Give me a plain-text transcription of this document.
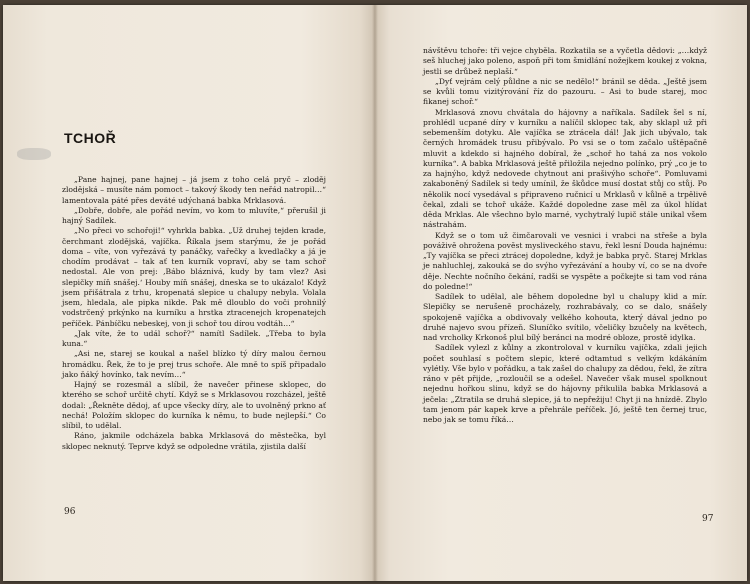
TCHOŘ

„Pane hajnej, pane hajnej – já jsem z toho celá pryč – zloděj zlodějská – musíte nám pomoct – takový škody ten neřád natropil…“ lamentovala páté přes deváté udýchaná babka Mrklasová.

„Dobře, dobře, ale pořád nevím, vo kom to mluvíte,“ přerušil ji hajný Sadílek.

„No přeci vo schořoji!“ vyhrkla babka. „Už druhej tejden krade, čerchmant zlodějská, vajíčka. Říkala jsem starýmu, že je pořád doma – víte, von vyřezává ty panáčky, vařečky a kvedlačky a já je chodím prodávat – tak ať ten kurník vopraví, aby se tam schoř nedostal. Ale von prej: ,Bábo bláznivá, kudy by tam vlez? Asi slepičky míň snášej.‘ Houby míň snášej, dneska se to ukázalo! Když jsem přišátrala z trhu, kropenatá slepice u chalupy nebyla. Volala jsem, hledala, ale pipka nikde. Pak mě dloublo do voči prohnilý vodstrčený prkýnko na kurníku a hrstka ztracenejch kropenatejch peříček. Pánbíčku nebeskej, von ji schoř tou dírou vodtáh…“

„Jak víte, že to udál schoř?“ namítl Sadílek. „Třeba to byla kuna.“

„Asi ne, starej se koukal a našel blízko tý díry malou černou hromádku. Řek, že to je prej trus schoře. Ale mně to spíš připadalo jako ňáký hovínko, tak nevím…“

Hajný se rozesmál a slíbil, že navečer přinese sklopec, do kterého se schoř určitě chytí. Když se s Mrklasovou rozcházel, ještě dodal: „Řekněte dědoj, ať upce všecky díry, ale to uvolněný prkno ať nechá! Položím sklopec do kurníka k němu, to bude nejlepší.“ Co slíbil, to udělal.

Ráno, jakmile odcházela babka Mrklasová do městečka, byl sklopec neknutý. Teprve když se odpoledne vrátila, zjistila další

96

návštěvu tchoře: tři vejce chyběla. Rozkatila se a vyčetla dědovi: „…když seš hluchej jako poleno, aspoň při tom šmidlání nožejkem koukej z vokna, jestli se drůbež neplaší.“

„Dyť vejrám celý půldne a nic se nedělo!“ bránil se děda. „Ještě jsem se kvůli tomu vizitýrování říz do pazouru. – Asi to bude starej, moc fikanej schoř.“

Mrklasová znovu chvátala do hájovny a naříkala. Sadílek šel s ní, prohlédl ucpané díry v kurníku a nalíčil sklopec tak, aby sklapl už při sebemenším dotyku. Ale vajíčka se ztrácela dál! Jak jich ubývalo, tak černých hromádek trusu přibývalo. Po vsi se o tom začalo uštěpačně mluvit a kdekdo si hajného dobíral, že „schoř ho tahá za nos vokolo kurníka“. A babka Mrklasová ještě přiložila nejedno polínko, prý „co je to za hajnýho, když nedovede chytnout ani prašivýho schoře“. Pomluvami zakaboněný Sadílek si tedy umínil, že škůdce musí dostat stůj co stůj. Po několik nocí vysedával s připraveno ručnicí u Mrklasů v kůlně a trpělivě čekal, zdali se tchoř ukáže. Každé dopoledne zase měl za úkol hlídat děda Mrklas. Ale všechno bylo marné, vychytralý lupič stále unikal všem nástrahám.

Když se o tom už čimčarovali ve vesnici i vrabci na střeše a byla pováživě ohrožena pověst mysliveckého stavu, řekl lesní Douda hajnému: „Ty vajíčka se přeci ztrácej dopoledne, když je babka pryč. Starej Mrklas je nahluchlej, zakouká se do svýho vyřezávání a houby ví, co se na dvoře děje. Nechte nočního čekání, radši se vyspěte a počkejte si tam vod rána do poledne!“

Sadílek to udělal, ale během dopoledne byl u chalupy klid a mír. Slepičky se nerušeně procházely, rozhrabávaly, co se dalo, snášely spokojeně vajíčka a obdivovaly velkého kohouta, který dával jedno po druhé najevo svou přízeň. Sluníčko svítilo, včeličky bzučely na květech, nad vrcholky Krkonoš plul bílý beránci na modré obloze, prostě idylka.

Sadílek vylezl z kůlny a zkontroloval v kurníku vajíčka, zdali jejich počet souhlasí s počtem slepic, které odtamtud s velkým kdákáním vylétly. Vše bylo v pořádku, a tak zašel do chalupy za dědou, řekl, že zítra ráno v pět přijde, „rozloučil se a odešel. Navečer však musel spolknout nejednu hořkou slinu, když se do hájovny přikulila babka Mrklasová a ječela: „Ztratila se druhá slepice, já to nepřežiju! Chyt ji na hnízdě. Zbylo tam jenom pár kapek krve a přehrále peříček. Jó, ještě ten černej truc, nebo jak se tomu říká…

97
